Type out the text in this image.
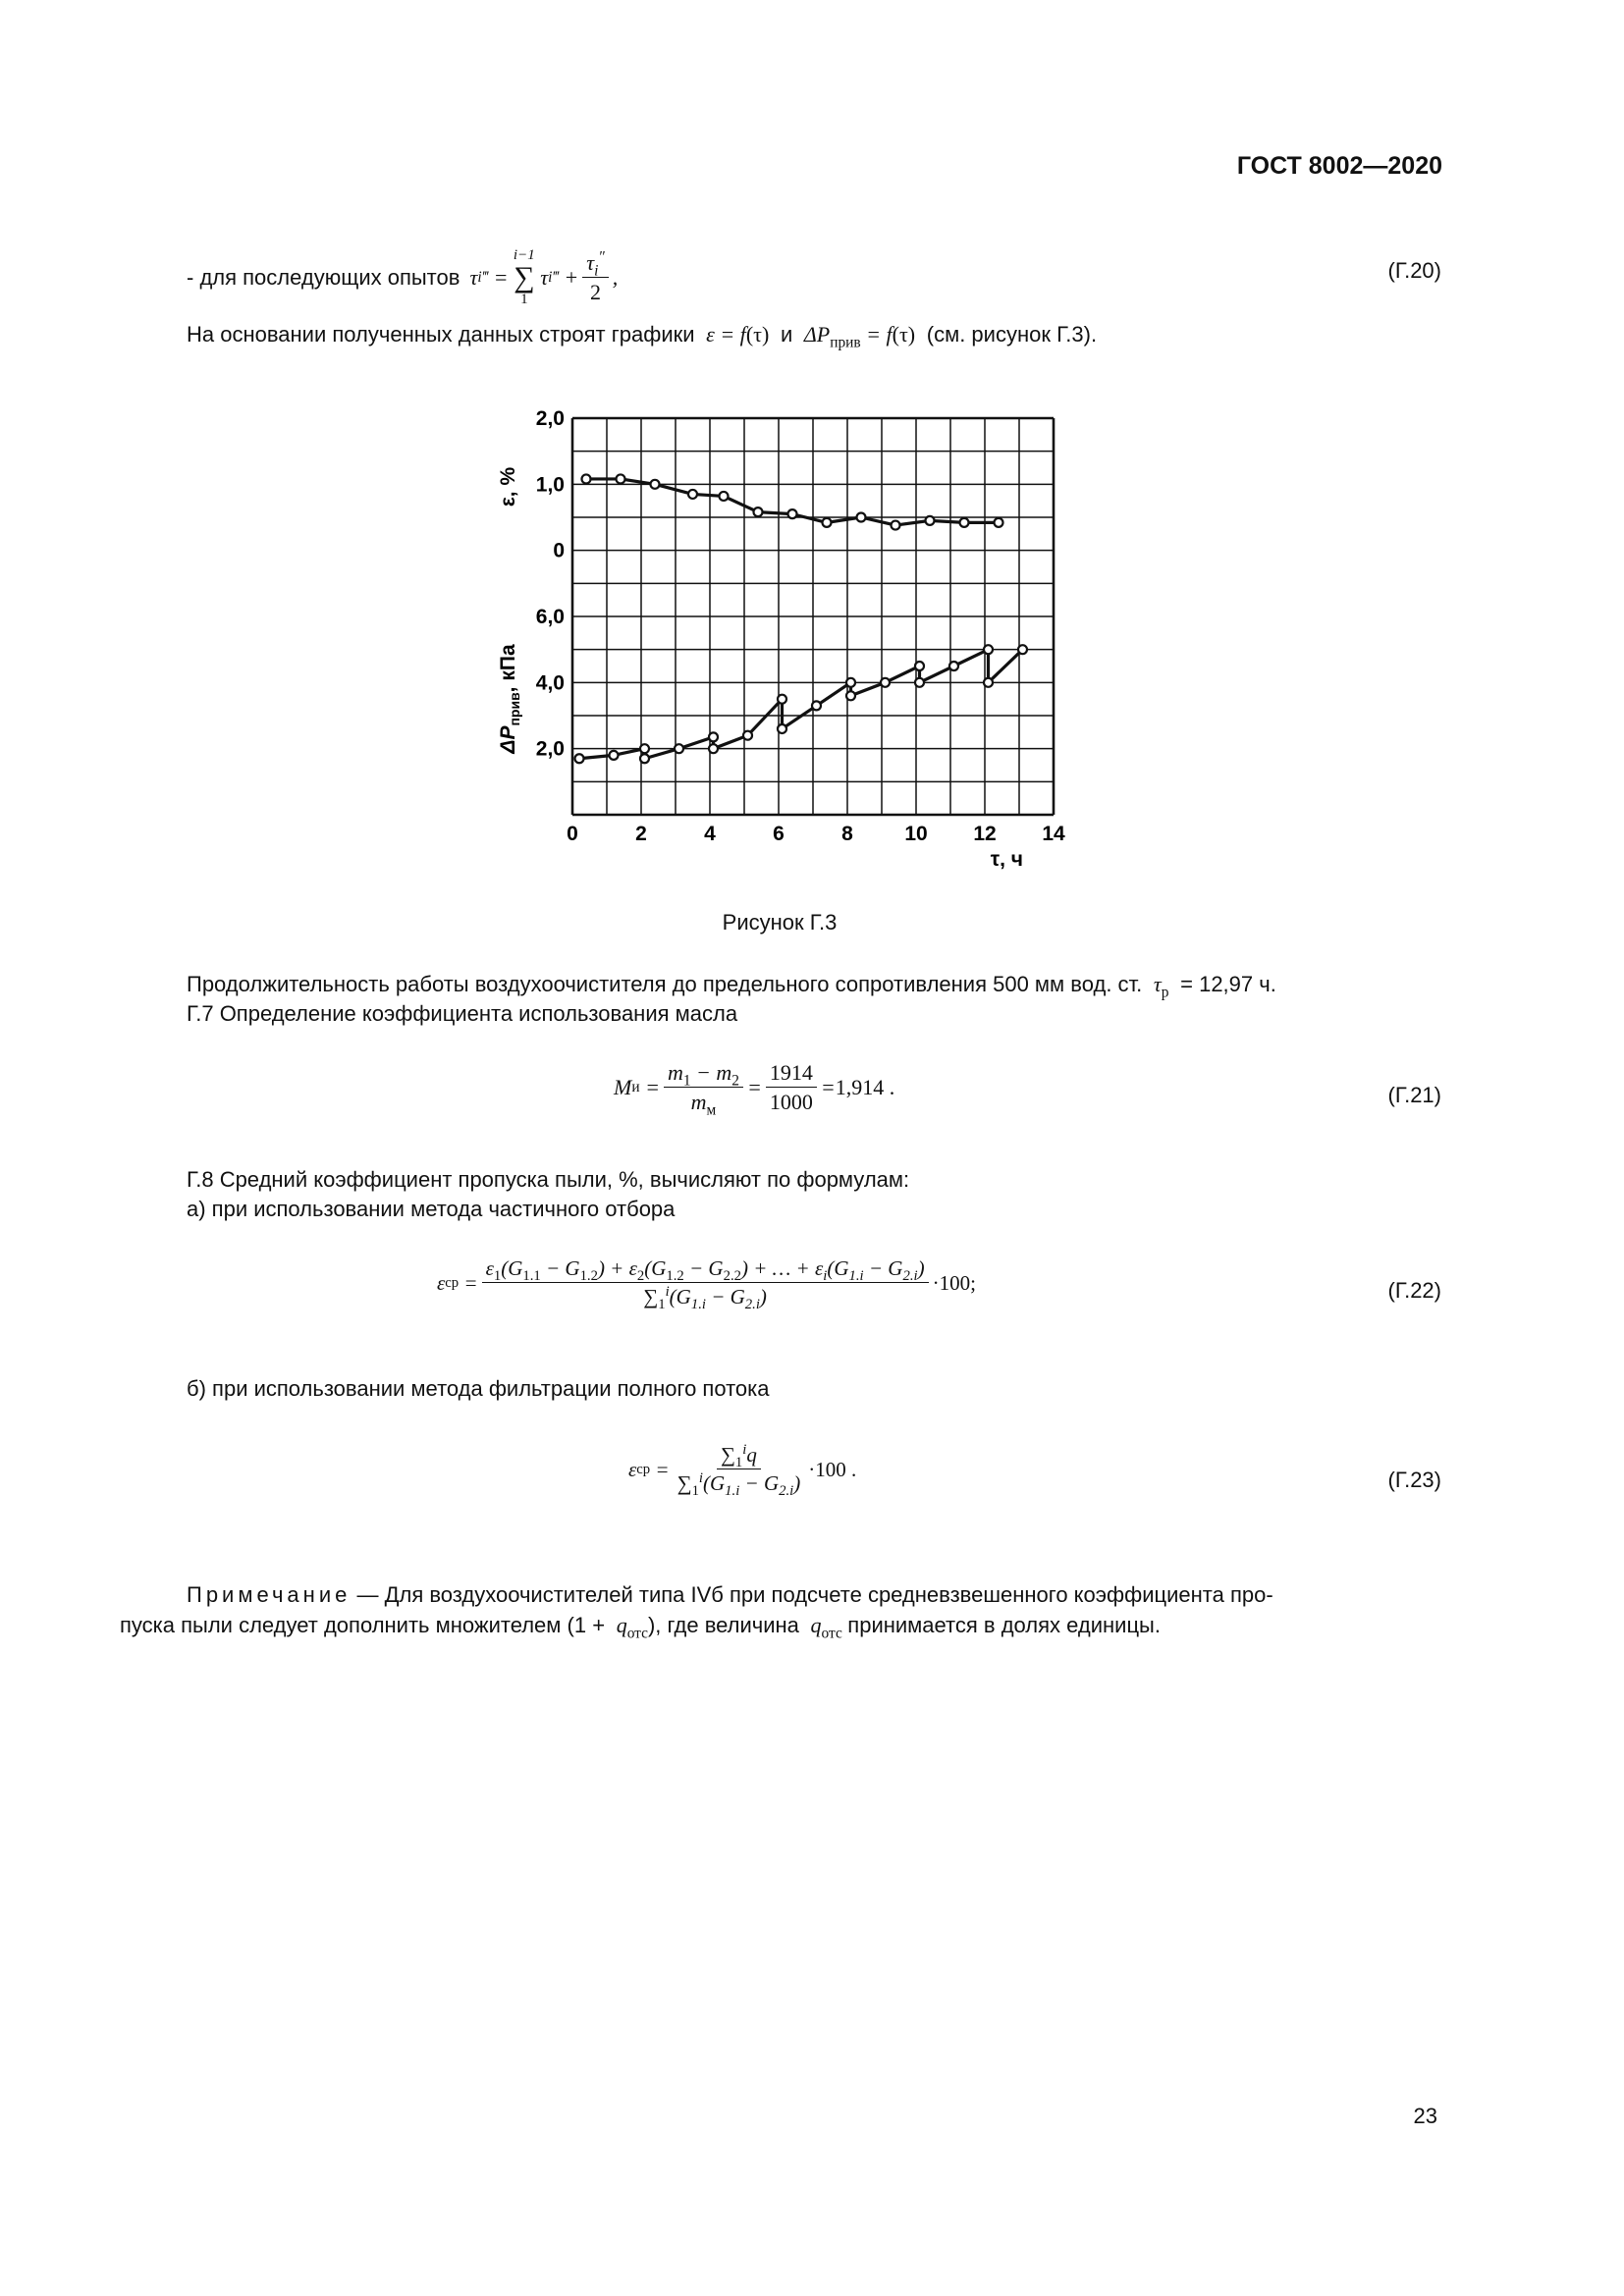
ГОСТ 8002—2020
- для последующих опытов τ i ‴ =
i−1
∑
1
τ i ‴ + $\frac{\tau_i''}{2}$ ,	(Г.20)
На основании полученных данных строят графики  ε = f(τ) и  $\Delta P_{прив} = f(\tau)$ (см. рисунок Г.3).
2,0
1,0
0
6,0
4,0
2,0
0	2	4	6	8 10 12 14
ε, %
$\Delta P_{прив}$, кПа
τ, ч
Рисунок Г.3
Продолжительность работы воздухоочистителя до предельного сопротивления 500 мм вод. ст.  $\tau_р = 12,97$ ч.
Г.7 Определение коэффициента использования масла
M $и = \frac{m_1 - m_2}{m_м} = \frac{1914}{1000} = 1,914$ .	(Г.21)
Г.8 Средний коэффициент пропуска пыли, %, вычисляют по формулам:
а) при использовании метода частичного отбора
ε ср = $\frac{\varepsilon_1(G_{1.1} - G_{1.2}) + \varepsilon_2(G_{1.2} - G_{2.2}) + \dots + \varepsilon_i(G_{1.i} - G_{2.i})}{\sum_1^i(G_{1.i} - G_{2.i})} \cdot 100$;	(Г.22)
б) при использовании метода фильтрации полного потока
ε ср = $\frac{\sum_1^iq}{\sum_1^i(G_{1.i} - G_{2.i})} \cdot 100$ .	(Г.23)
Примечание — Для воздухоочистителей типа IVб при подсчете средневзвешенного коэффициента про-
пуска пыли следует дополнить множителем $(1 + q_{отс})$, где величина  $q_{отс}$ принимается в долях единицы.
23
